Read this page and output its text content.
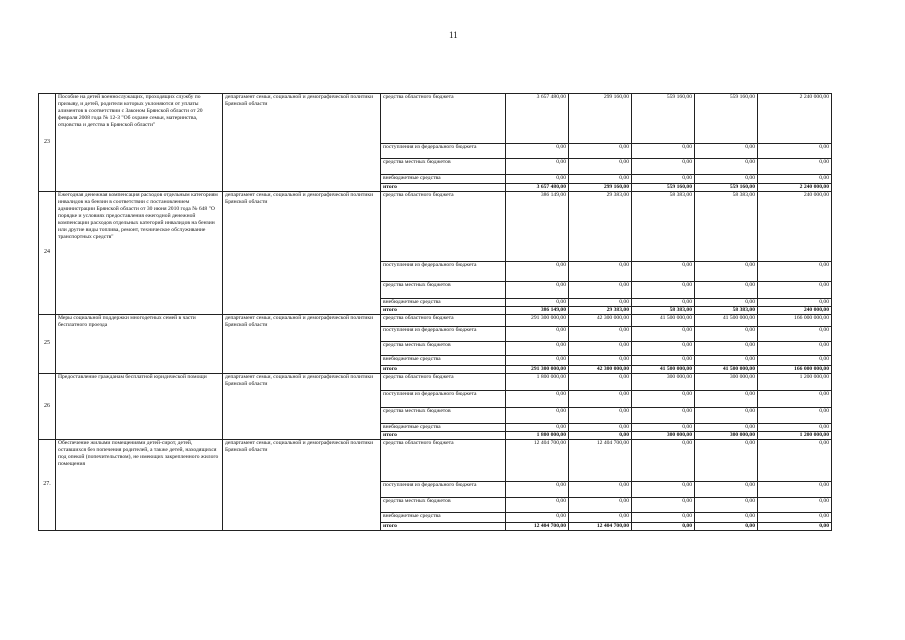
11
23	Пособие на детей военнослужащих, проходящих службу по призыву, и детей, родители которых уклоняются от уплаты алиментов в соответствии с Законом Брянской области от 20 февраля 2008 года № 12-З "Об охране семьи, материнства, отцовства и детства в Брянской области"	департамент семьи, социальной и демографической политики Брянской области	средства областного бюджета	3 657 480,00	299 160,00	559 160,00	559 160,00	2 240 000,00
			поступления из федерального бюджета	0,00	0,00	0,00	0,00	0,00
			средства местных бюджетов	0,00	0,00	0,00	0,00	0,00
			внебюджетные средства	0,00	0,00	0,00	0,00	0,00
			итого	3 657 480,00	299 160,00	559 160,00	559 160,00	2 240 000,00
24	Ежегодная денежная компенсация расходов отдельным категориям инвалидов на бензин в соответствии с постановлением администрации Брянской области от 30 июня 2010 года № 648 "О порядке и условиях предоставления ежегодной денежной компенсации расходов отдельных категорий инвалидов на бензин или другие виды топлива, ремонт, техническое обслуживание транспортных средств"	департамент семьи, социальной и демографической политики Брянской области	средства областного бюджета	386 149,00	29 383,00	58 383,00	58 383,00	240 000,00
			поступления из федерального бюджета	0,00	0,00	0,00	0,00	0,00
			средства местных бюджетов	0,00	0,00	0,00	0,00	0,00
			внебюджетные средства	0,00	0,00	0,00	0,00	0,00
			итого	386 149,00	29 383,00	58 383,00	58 383,00	240 000,00
25	Меры социальной поддержки многодетных семей в части бесплатного проезда	департамент семьи, социальной и демографической политики Брянской области	средства областного бюджета	291 300 000,00	42 300 000,00	41 500 000,00	41 500 000,00	166 000 000,00
			поступления из федерального бюджета	0,00	0,00	0,00	0,00	0,00
			средства местных бюджетов	0,00	0,00	0,00	0,00	0,00
			внебюджетные средства	0,00	0,00	0,00	0,00	0,00
			итого	291 300 000,00	42 300 000,00	41 500 000,00	41 500 000,00	166 000 000,00
26	Предоставление гражданам бесплатной юридической помощи	департамент семьи, социальной и демографической политики Брянской области	средства областного бюджета	1 800 000,00	0,00	300 000,00	300 000,00	1 200 000,00
			поступления из федерального бюджета	0,00	0,00	0,00	0,00	0,00
			средства местных бюджетов	0,00	0,00	0,00	0,00	0,00
			внебюджетные средства	0,00	0,00	0,00	0,00	0,00
			итого	1 800 000,00	0,00	300 000,00	300 000,00	1 200 000,00
27.	Обеспечение жилыми помещениями детей-сирот, детей, оставшихся без попечения родителей, а также детей, находящихся под опекой (попечительством), не имеющих закрепленного жилого помещения	департамент семьи, социальной и демографической политики Брянской области	средства областного бюджета	12 404 700,00	12 404 700,00	0,00	0,00	0,00
			поступления из федерального бюджета	0,00	0,00	0,00	0,00	0,00
			средства местных бюджетов	0,00	0,00	0,00	0,00	0,00
			внебюджетные средства	0,00	0,00	0,00	0,00	0,00
			итого	12 404 700,00	12 404 700,00	0,00	0,00	0,00
